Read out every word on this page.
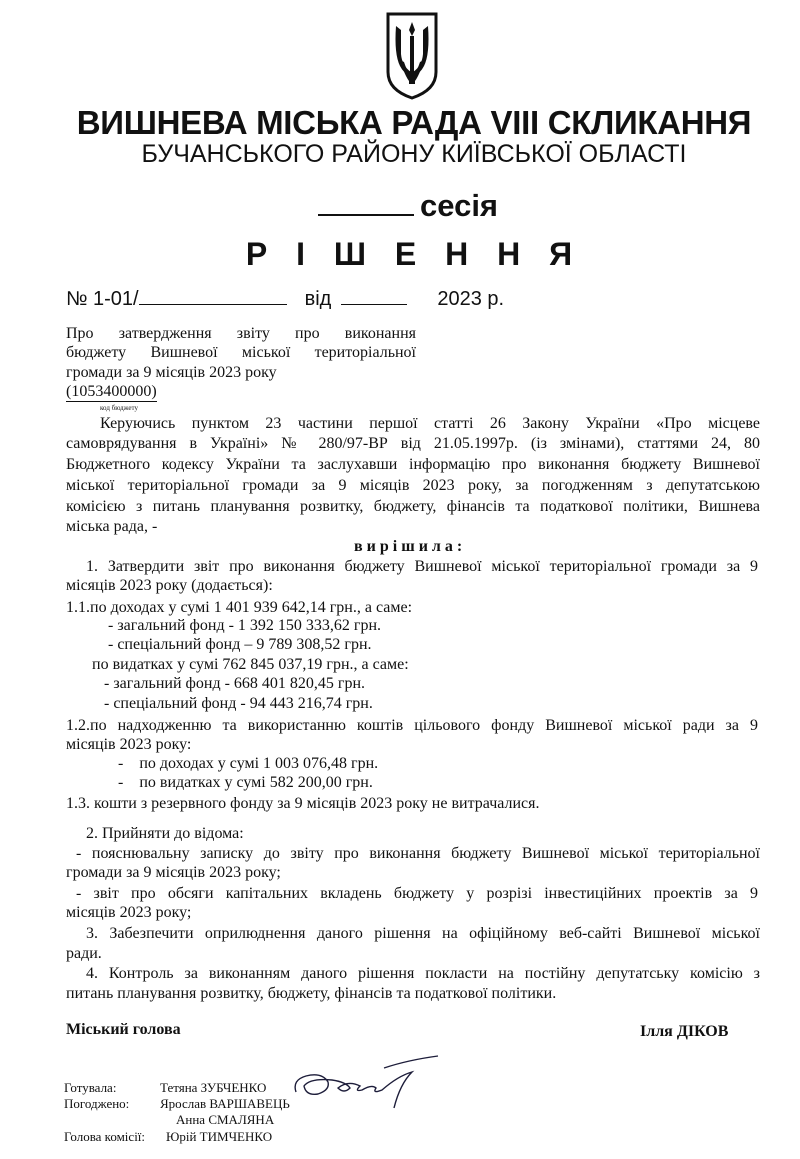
ВИШНЕВА МІСЬКА РАДА VIII СКЛИКАННЯ
БУЧАНСЬКОГО РАЙОНУ КИЇВСЬКОЇ ОБЛАСТІ
сесія
Р І Ш Е Н Н Я
№ 1-01/	від	2023 р.
Про затвердження звіту про виконання
бюджету Вишневої міської територіальної
громади за 9 місяців 2023 року
(1053400000)
код бюджету
Керуючись пунктом 23 частини першої статті 26 Закону України «Про місцеве
самоврядування в Україні» № 280/97-ВР від 21.05.1997р. (із змінами), статтями 24, 80
Бюджетного кодексу України та заслухавши інформацію про виконання бюджету Вишневої
міської територіальної громади за 9 місяців 2023 року, за погодженням з депутатською
комісією з питань планування розвитку, бюджету, фінансів та податкової політики, Вишнева
міська рада, -
в и р і ш и л а :
1. Затвердити звіт про виконання бюджету Вишневої міської територіальної громади за 9
місяців 2023 року (додається):
1.1.по доходах у сумі 1 401 939 642,14 грн., а саме:
- загальний фонд - 1 392 150 333,62 грн.
- спеціальний фонд – 9 789 308,52 грн.
по видатках у сумі 762 845 037,19 грн., а саме:
- загальний фонд - 668 401 820,45 грн.
- спеціальний фонд - 94 443 216,74 грн.
1.2.по надходженню та використанню коштів цільового фонду Вишневої міської ради за 9
місяців 2023 року:
-    по доходах у сумі 1 003 076,48 грн.
-    по видатках у сумі 582 200,00 грн.
1.3. кошти з резервного фонду за 9 місяців 2023 року не витрачалися.
2. Прийняти до відома:
- пояснювальну записку до звіту про виконання бюджету Вишневої міської територіальної
громади за 9 місяців 2023 року;
- звіт про обсяги капітальних вкладень бюджету у розрізі інвестиційних проектів за 9
місяців 2023 року;
3. Забезпечити оприлюднення даного рішення на офіційному веб-сайті Вишневої міської
ради.
4. Контроль за виконанням даного рішення покласти на постійну депутатську комісію з
питань планування розвитку, бюджету, фінансів та податкової політики.
Міський голова	Ілля ДІКОВ
Готувала:	Тетяна ЗУБЧЕНКО
Погоджено: Ярослав ВАРШАВЕЦЬ
Анна СМАЛЯНА
Голова комісії: Юрій ТИМЧЕНКО
